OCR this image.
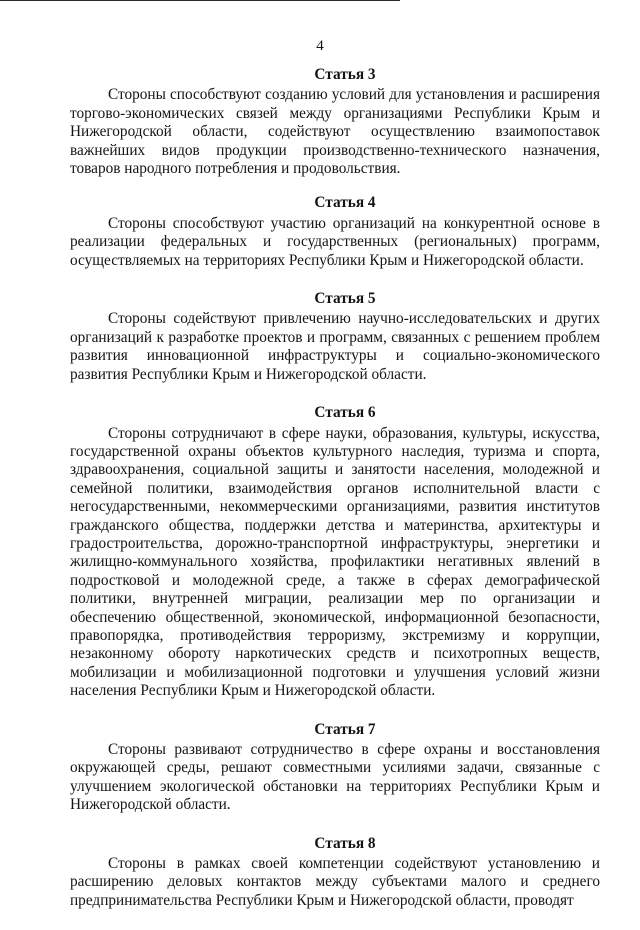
4

Статья 3

Стороны способствуют созданию условий для установления и расширения торгово-экономических связей между организациями Республики Крым и Нижегородской области, содействуют осуществлению взаимопоставок важнейших видов продукции производственно-технического назначения, товаров народного потребления и продовольствия.

Статья 4

Стороны способствуют участию организаций на конкурентной основе в реализации федеральных и государственных (региональных) программ, осуществляемых на территориях Республики Крым и Нижегородской области.

Статья 5

Стороны содействуют привлечению научно-исследовательских и других организаций к разработке проектов и программ, связанных с решением проблем развития инновационной инфраструктуры и социально-экономического развития Республики Крым и Нижегородской области.

Статья 6

Стороны сотрудничают в сфере науки, образования, культуры, искусства, государственной охраны объектов культурного наследия, туризма и спорта, здравоохранения, социальной защиты и занятости населения, молодежной и семейной политики, взаимодействия органов исполнительной власти с негосударственными, некоммерческими организациями, развития институтов гражданского общества, поддержки детства и материнства, архитектуры и градостроительства, дорожно-транспортной инфраструктуры, энергетики и жилищно-коммунального хозяйства, профилактики негативных явлений в подростковой и молодежной среде, а также в сферах демографической политики, внутренней миграции, реализации мер по организации и обеспечению общественной, экономической, информационной безопасности, правопорядка, противодействия терроризму, экстремизму и коррупции, незаконному обороту наркотических средств и психотропных веществ, мобилизации и мобилизационной подготовки и улучшения условий жизни населения Республики Крым и Нижегородской области.

Статья 7

Стороны развивают сотрудничество в сфере охраны и восстановления окружающей среды, решают совместными усилиями задачи, связанные с улучшением экологической обстановки на территориях Республики Крым и Нижегородской области.

Статья 8

Стороны в рамках своей компетенции содействуют установлению и расширению деловых контактов между субъектами малого и среднего предпринимательства Республики Крым и Нижегородской области, проводят
